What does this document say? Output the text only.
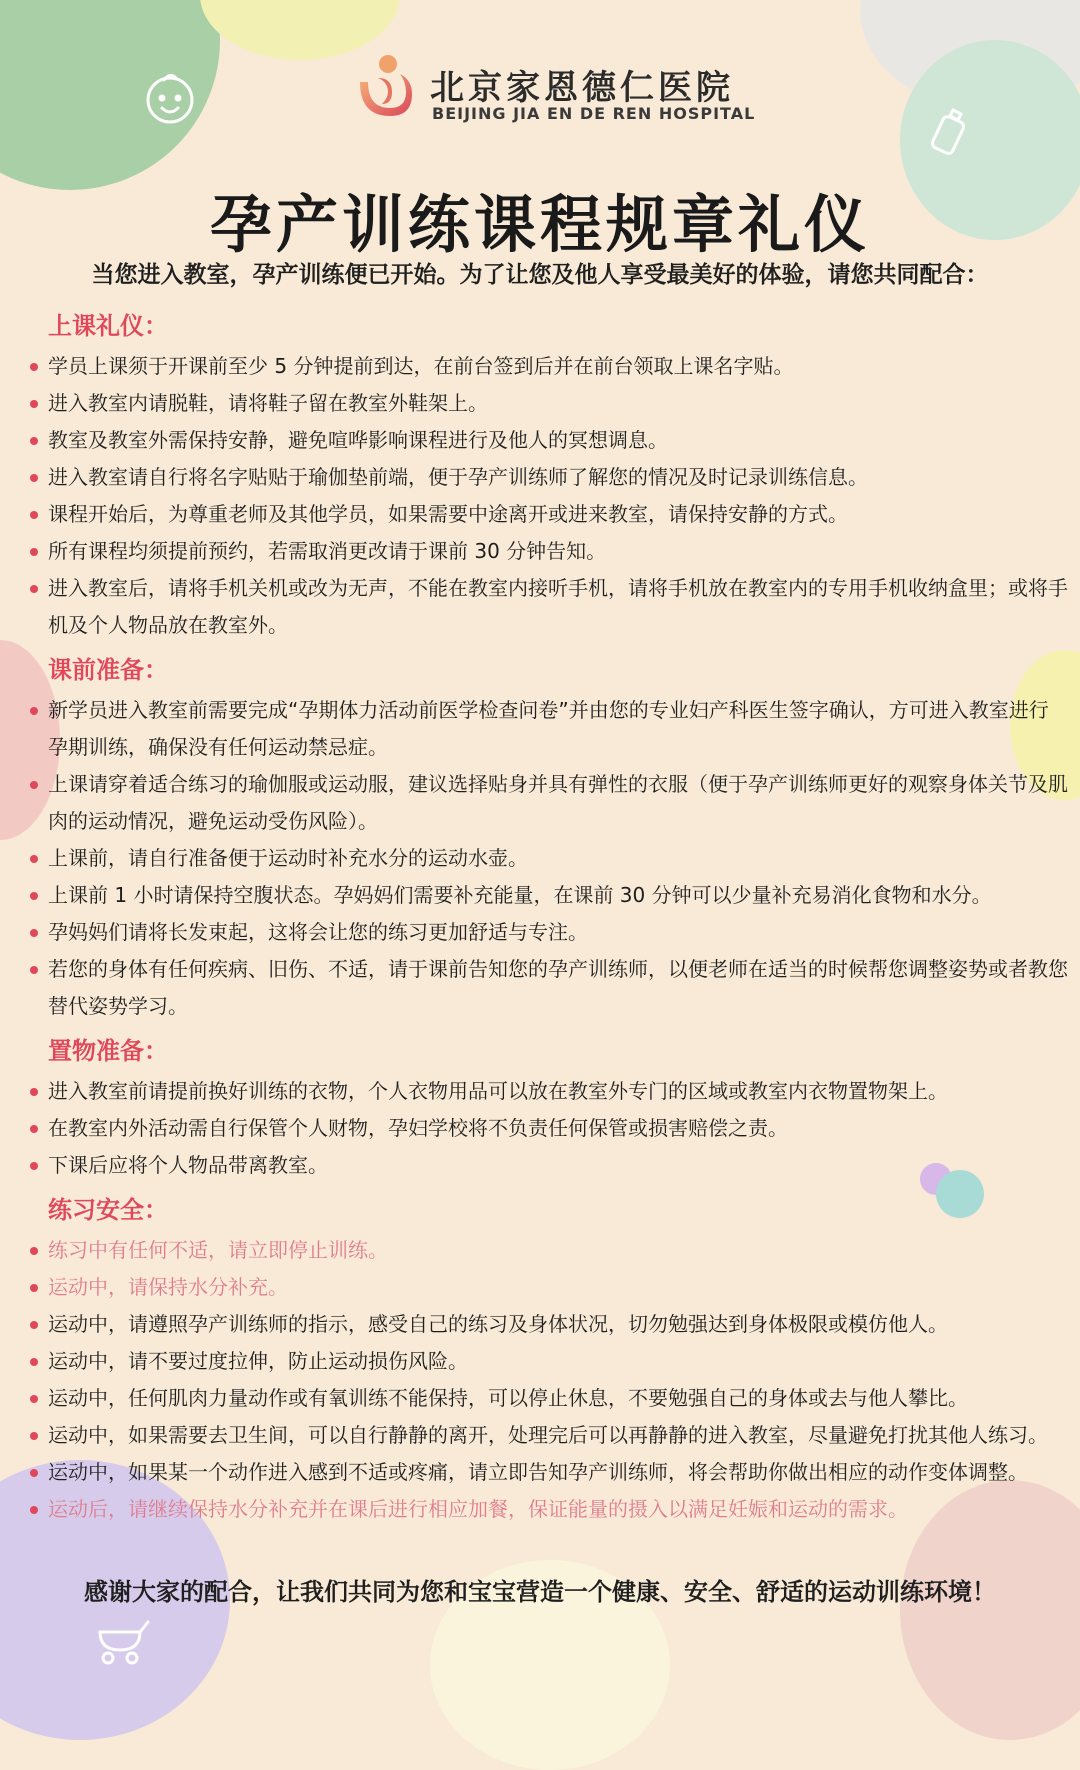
北京家恩德仁医院
BEIJING JIA EN DE REN HOSPITAL
孕产训练课程规章礼仪
当您进入教室，孕产训练便已开始。为了让您及他人享受最美好的体验，请您共同配合：
上课礼仪：
学员上课须于开课前至少 5 分钟提前到达，在前台签到后并在前台领取上课名字贴。
进入教室内请脱鞋，请将鞋子留在教室外鞋架上。
教室及教室外需保持安静，避免喧哗影响课程进行及他人的冥想调息。
进入教室请自行将名字贴贴于瑜伽垫前端，便于孕产训练师了解您的情况及时记录训练信息。
课程开始后，为尊重老师及其他学员，如果需要中途离开或进来教室，请保持安静的方式。
所有课程均须提前预约，若需取消更改请于课前 30 分钟告知。
进入教室后，请将手机关机或改为无声，不能在教室内接听手机，请将手机放在教室内的专用手机收纳盒里；或将手机及个人物品放在教室外。
课前准备：
新学员进入教室前需要完成“孕期体力活动前医学检查问卷”并由您的专业妇产科医生签字确认，方可进入教室进行孕期训练，确保没有任何运动禁忌症。
上课请穿着适合练习的瑜伽服或运动服，建议选择贴身并具有弹性的衣服（便于孕产训练师更好的观察身体关节及肌肉的运动情况，避免运动受伤风险）。
上课前，请自行准备便于运动时补充水分的运动水壶。
上课前 1 小时请保持空腹状态。孕妈妈们需要补充能量，在课前 30 分钟可以少量补充易消化食物和水分。
孕妈妈们请将长发束起，这将会让您的练习更加舒适与专注。
若您的身体有任何疾病、旧伤、不适，请于课前告知您的孕产训练师，以便老师在适当的时候帮您调整姿势或者教您替代姿势学习。
置物准备：
进入教室前请提前换好训练的衣物，个人衣物用品可以放在教室外专门的区域或教室内衣物置物架上。
在教室内外活动需自行保管个人财物，孕妇学校将不负责任何保管或损害赔偿之责。
下课后应将个人物品带离教室。
练习安全：
练习中有任何不适，请立即停止训练。
运动中，请保持水分补充。
运动中，请遵照孕产训练师的指示，感受自己的练习及身体状况，切勿勉强达到身体极限或模仿他人。
运动中，请不要过度拉伸，防止运动损伤风险。
运动中，任何肌肉力量动作或有氧训练不能保持，可以停止休息，不要勉强自己的身体或去与他人攀比。
运动中，如果需要去卫生间，可以自行静静的离开，处理完后可以再静静的进入教室，尽量避免打扰其他人练习。
运动中，如果某一个动作进入感到不适或疼痛，请立即告知孕产训练师，将会帮助你做出相应的动作变体调整。
运动后，请继续保持水分补充并在课后进行相应加餐，保证能量的摄入以满足妊娠和运动的需求。
感谢大家的配合，让我们共同为您和宝宝营造一个健康、安全、舒适的运动训练环境！
